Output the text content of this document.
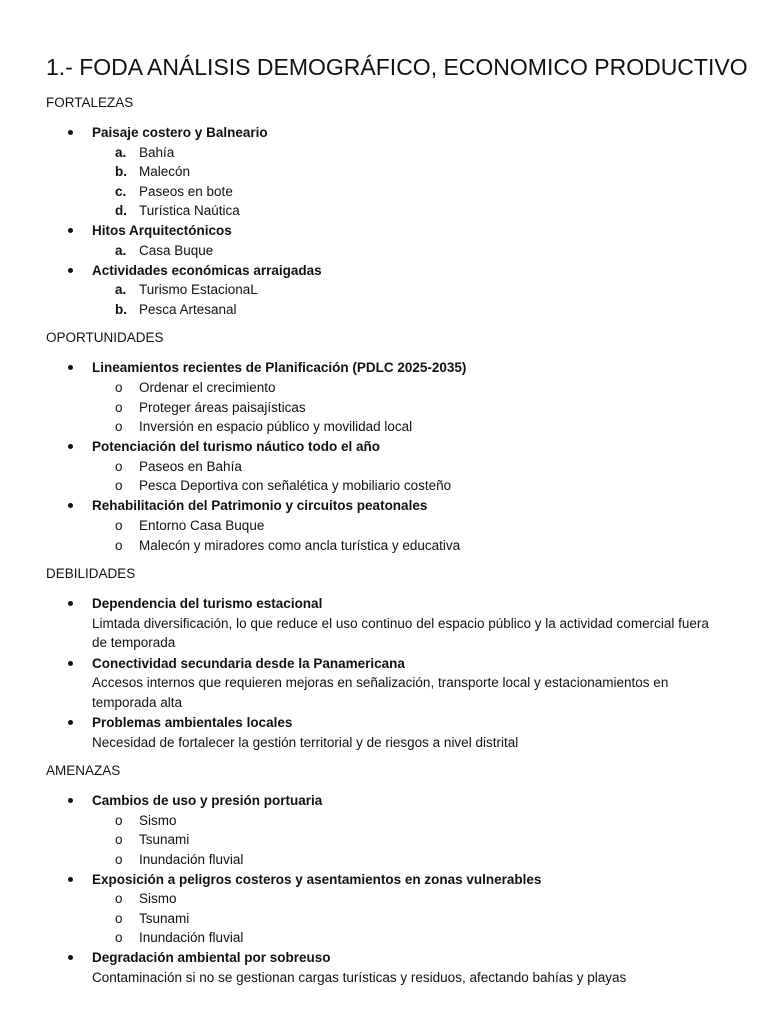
1.- FODA ANÁLISIS DEMOGRÁFICO, ECONOMICO PRODUCTIVO
FORTALEZAS
Paisaje costero y Balneario
a. Bahía
b. Malecón
c. Paseos en bote
d. Turística Naútica
Hitos Arquitectónicos
a. Casa Buque
Actividades económicas arraigadas
a. Turismo EstacionaL
b. Pesca Artesanal
OPORTUNIDADES
Lineamientos recientes de Planificación (PDLC 2025-2035)
o Ordenar el crecimiento
o Proteger áreas paisajísticas
o Inversión en espacio público y movilidad local
Potenciación del turismo náutico todo el año
o Paseos en Bahía
o Pesca Deportiva con señalética y mobiliario costeño
Rehabilitación del Patrimonio y circuitos peatonales
o Entorno Casa Buque
o Malecón y miradores como ancla turística y educativa
DEBILIDADES
Dependencia del turismo estacional

Limtada diversificación, lo que reduce el uso continuo del espacio público y la actividad comercial fuera de temporada

Conectividad secundaria desde la Panamericana

Accesos internos que requieren mejoras en señalización, transporte local y estacionamientos en temporada alta

Problemas ambientales locales

Necesidad de fortalecer la gestión territorial y de riesgos a nivel distrital

AMENAZAS
Cambios de uso y presión portuaria
o Sismo
o Tsunami
o Inundación fluvial
Exposición a peligros costeros y asentamientos en zonas vulnerables
o Sismo
o Tsunami
o Inundación fluvial
Degradación ambiental por sobreuso

Contaminación si no se gestionan cargas turísticas y residuos, afectando bahías y playas
